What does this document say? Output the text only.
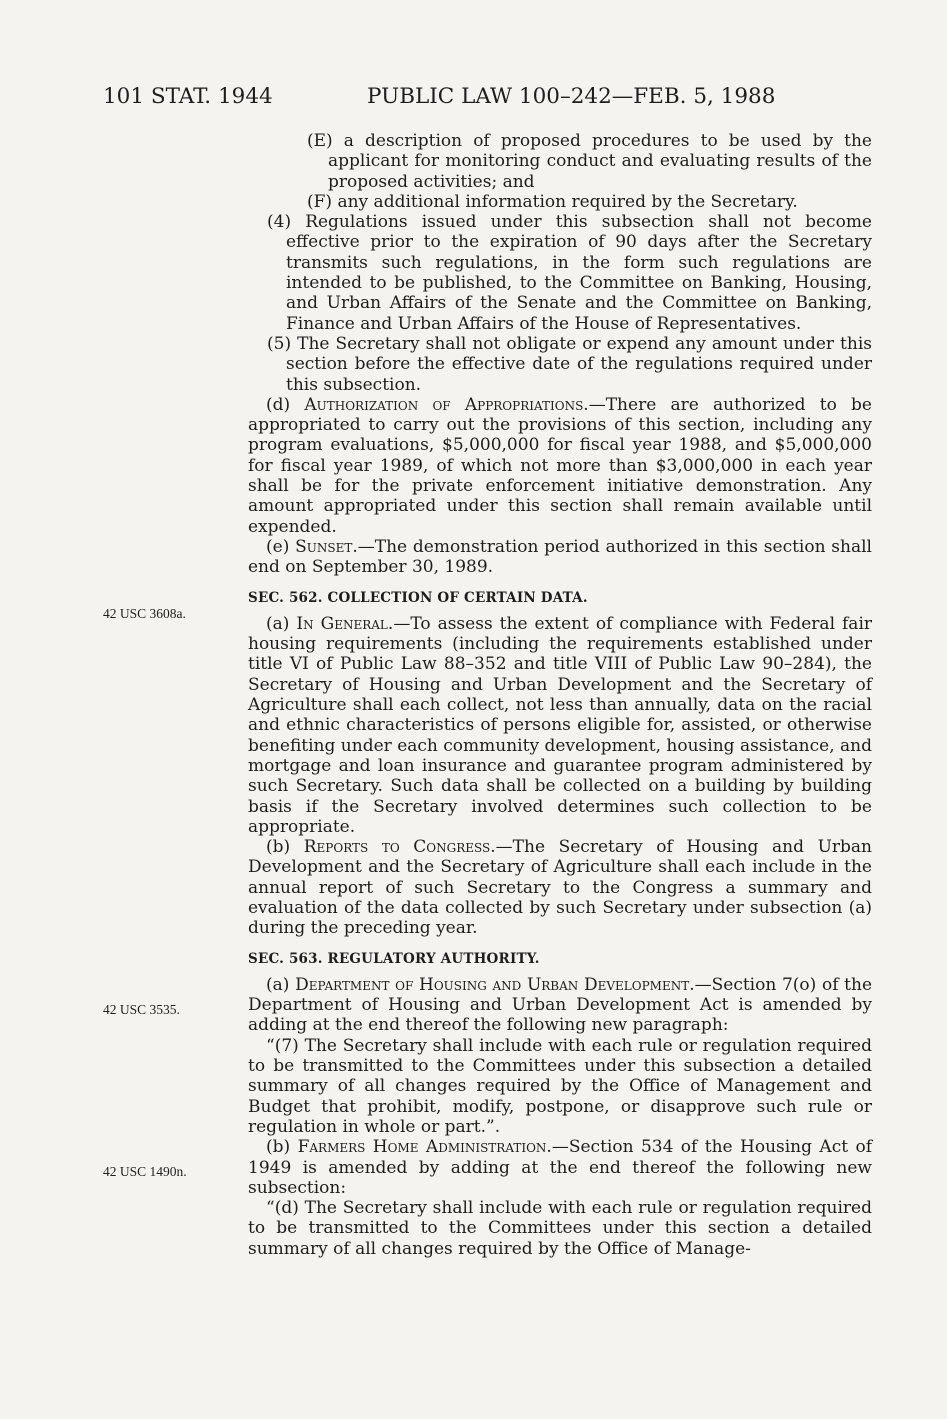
101 STAT. 1944	PUBLIC LAW 100–242—FEB. 5, 1988
42 USC 3608a.
42 USC 3535.
42 USC 1490n.

(E) a description of proposed procedures to be used by the applicant for monitoring conduct and evaluating results of the proposed activities; and

(F) any additional information required by the Secretary.

(4) Regulations issued under this subsection shall not become effective prior to the expiration of 90 days after the Secretary transmits such regulations, in the form such regulations are intended to be published, to the Committee on Banking, Housing, and Urban Affairs of the Senate and the Committee on Banking, Finance and Urban Affairs of the House of Representatives.

(5) The Secretary shall not obligate or expend any amount under this section before the effective date of the regulations required under this subsection.

(d) Authorization of Appropriations.—There are authorized to be appropriated to carry out the provisions of this section, including any program evaluations, $5,000,000 for fiscal year 1988, and $5,000,000 for fiscal year 1989, of which not more than $3,000,000 in each year shall be for the private enforcement initiative demonstration. Any amount appropriated under this section shall remain available until expended.

(e) Sunset.—The demonstration period authorized in this section shall end on September 30, 1989.

SEC. 562. COLLECTION OF CERTAIN DATA.

(a) In General.—To assess the extent of compliance with Federal fair housing requirements (including the requirements established under title VI of Public Law 88–352 and title VIII of Public Law 90–284), the Secretary of Housing and Urban Development and the Secretary of Agriculture shall each collect, not less than annually, data on the racial and ethnic characteristics of persons eligible for, assisted, or otherwise benefiting under each community development, housing assistance, and mortgage and loan insurance and guarantee program administered by such Secretary. Such data shall be collected on a building by building basis if the Secretary involved determines such collection to be appropriate.

(b) Reports to Congress.—The Secretary of Housing and Urban Development and the Secretary of Agriculture shall each include in the annual report of such Secretary to the Congress a summary and evaluation of the data collected by such Secretary under subsection (a) during the preceding year.

SEC. 563. REGULATORY AUTHORITY.

(a) Department of Housing and Urban Development.—Section 7(o) of the Department of Housing and Urban Development Act is amended by adding at the end thereof the following new paragraph:

“(7) The Secretary shall include with each rule or regulation required to be transmitted to the Committees under this subsection a detailed summary of all changes required by the Office of Management and Budget that prohibit, modify, postpone, or disapprove such rule or regulation in whole or part.”.

(b) Farmers Home Administration.—Section 534 of the Housing Act of 1949 is amended by adding at the end thereof the following new subsection:

“(d) The Secretary shall include with each rule or regulation required to be transmitted to the Committees under this section a detailed summary of all changes required by the Office of Manage-
